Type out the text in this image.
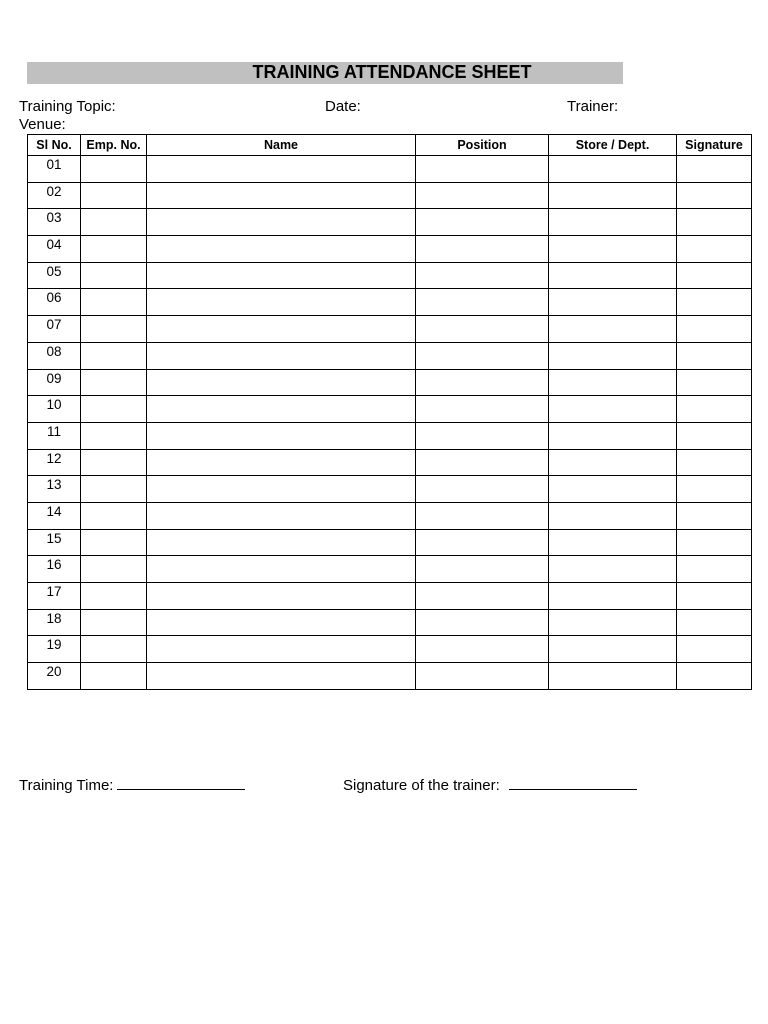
TRAINING ATTENDANCE SHEET
Training Topic:	Date:	Trainer:
Venue:
Sl No.	Emp. No.	Name	Position	Store / Dept.	Signature
01					
02					
03					
04					
05					
06					
07					
08					
09					
10					
11					
12					
13					
14					
15					
16					
17					
18					
19					
20					
Training Time:	Signature of the trainer:
